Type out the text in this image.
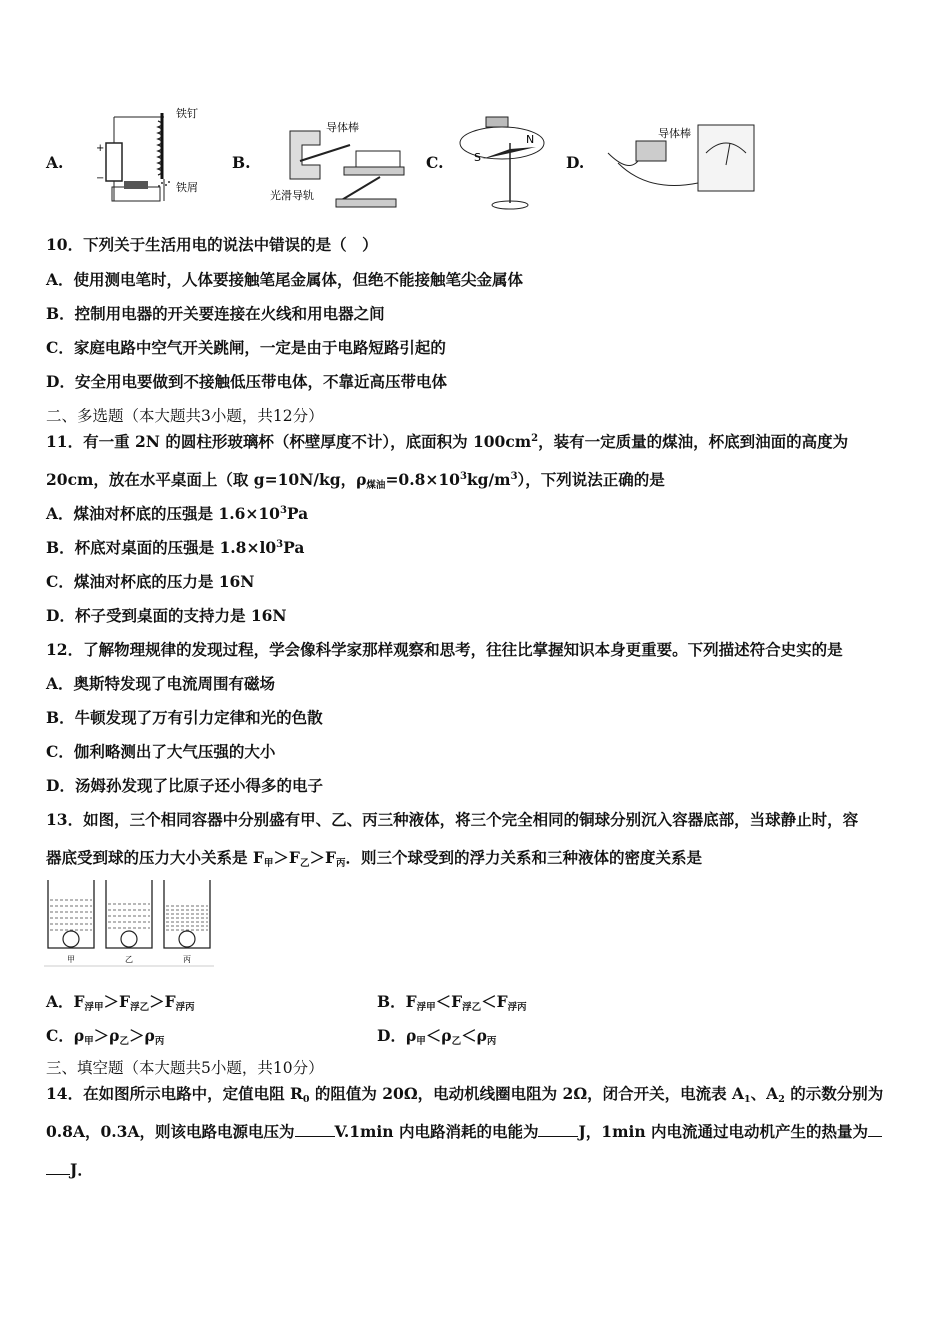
A.
铁钉
铁屑
+
−
B.
导体棒
光滑导轨
C.	S
N
D.
导体棒
10．下列关于生活用电的说法中错误的是（　）
A．使用测电笔时，人体要接触笔尾金属体，但绝不能接触笔尖金属体
B．控制用电器的开关要连接在火线和用电器之间
C．家庭电路中空气开关跳闸，一定是由于电路短路引起的
D．安全用电要做到不接触低压带电体，不靠近高压带电体
二、多选题（本大题共3小题，共12分）
11．有一重 2N 的圆柱形玻璃杯（杯壁厚度不计），底面积为 $100cm^2$，装有一定质量的煤油，杯底到油面的高度为
20cm，放在水平桌面上（取 g=10N/kg，ρ煤油$=0.8\times 10^3kg/m^3$），下列说法正确的是
A．煤油对杯底的压强是 $1.6\times 10^3Pa$
B．杯底对桌面的压强是 $1.8\times l0^3Pa$
C．煤油对杯底的压力是 16N
D．杯子受到桌面的支持力是 16N
12．了解物理规律的发现过程，学会像科学家那样观察和思考，往往比掌握知识本身更重要。下列描述符合史实的是
A．奥斯特发现了电流周围有磁场
B．牛顿发现了万有引力定律和光的色散
C．伽利略测出了大气压强的大小
D．汤姆孙发现了比原子还小得多的电子
13．如图，三个相同容器中分别盛有甲、乙、丙三种液体，将三个完全相同的铜球分别沉入容器底部，当球静止时，容
器底受到球的压力大小关系是 F甲＞F乙＞F丙．则三个球受到的浮力关系和三种液体的密度关系是
甲	乙	丙
A．F浮甲＞F浮乙＞F浮丙	B．F浮甲＜F浮乙＜F浮丙
C．ρ甲＞ρ乙＞ρ丙	D．ρ甲＜ρ乙＜ρ丙
三、填空题（本大题共5小题，共10分）
14．在如图所示电路中，定值电阻 R0 的阻值为 20Ω，电动机线圈电阻为 2Ω，闭合开关，电流表 A1、A2 的示数分别为
0.8A，0.3A，则该电路电源电压为	V.1min 内电路消耗的电能为	J，1min 内电流通过电动机产生的热量为
J．
